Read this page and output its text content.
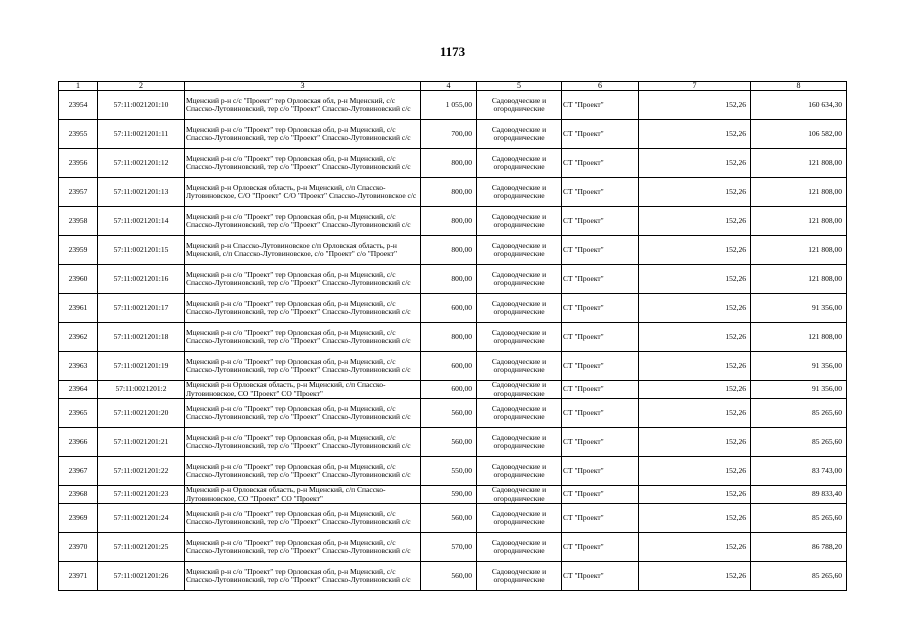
1173
1	2	3	4	5	6	7	8
23954	57:11:0021201:10	Мценский р-н с/с "Проект" тер Орловская обл, р-н Мценский, с/с Спасско-Лутовиновский, тер с/о "Проект" Спасско-Лутовиновский с/с	1 055,00	Садоводческие и огороднические	СТ "Проект"	152,26	160 634,30
23955	57:11:0021201:11	Мценский р-н с/о "Проект" тер Орловская обл, р-н Мценский, с/с Спасско-Лутовиновский, тер с/о "Проект" Спасско-Лутовиновский с/с	700,00	Садоводческие и огороднические	СТ "Проект"	152,26	106 582,00
23956	57:11:0021201:12	Мценский р-н с/о "Проект" тер Орловская обл, р-н Мценский, с/с Спасско-Лутовиновский, тер с/о "Проект" Спасско-Лутовиновский с/с	800,00	Садоводческие и огороднические	СТ "Проект"	152,26	121 808,00
23957	57:11:0021201:13	Мценский р-н Орловская область, р-н Мценский, с/п Спасско-Лутовиновское, С/О "Проект" С/О "Проект" Спасско-Лутовиновское с/с	800,00	Садоводческие и огороднические	СТ "Проект"	152,26	121 808,00
23958	57:11:0021201:14	Мценский р-н с/о "Проект" тер Орловская обл, р-н Мценский, с/с Спасско-Лутовиновский, тер с/о "Проект" Спасско-Лутовиновский с/с	800,00	Садоводческие и огороднические	СТ "Проект"	152,26	121 808,00
23959	57:11:0021201:15	Мценский р-н Спасско-Лутовиновское с/п Орловская область, р-н Мценский, с/п Спасско-Лутовиновское, с/о "Проект" с/о "Проект"	800,00	Садоводческие и огороднические	СТ "Проект"	152,26	121 808,00
23960	57:11:0021201:16	Мценский р-н с/о "Проект" тер Орловская обл, р-н Мценский, с/с Спасско-Лутовиновский, тер с/о "Проект" Спасско-Лутовиновский с/с	800,00	Садоводческие и огороднические	СТ "Проект"	152,26	121 808,00
23961	57:11:0021201:17	Мценский р-н с/о "Проект" тер Орловская обл, р-н Мценский, с/с Спасско-Лутовиновский, тер с/о "Проект" Спасско-Лутовиновский с/с	600,00	Садоводческие и огороднические	СТ "Проект"	152,26	91 356,00
23962	57:11:0021201:18	Мценский р-н с/о "Проект" тер Орловская обл, р-н Мценский, с/с Спасско-Лутовиновский, тер с/о "Проект" Спасско-Лутовиновский с/с	800,00	Садоводческие и огороднические	СТ "Проект"	152,26	121 808,00
23963	57:11:0021201:19	Мценский р-н с/о "Проект" тер Орловская обл, р-н Мценский, с/с Спасско-Лутовиновский, тер с/о "Проект" Спасско-Лутовиновский с/с	600,00	Садоводческие и огороднические	СТ "Проект"	152,26	91 356,00
23964	57:11:0021201:2	Мценский р-н Орловская область, р-н Мценский, с/п Спасско-Лутовиновское, СО "Проект" СО "Проект"	600,00	Садоводческие и огороднические	СТ "Проект"	152,26	91 356,00
23965	57:11:0021201:20	Мценский р-н с/о "Проект" тер Орловская обл, р-н Мценский, с/с Спасско-Лутовиновский, тер с/о "Проект" Спасско-Лутовиновский с/с	560,00	Садоводческие и огороднические	СТ "Проект"	152,26	85 265,60
23966	57:11:0021201:21	Мценский р-н с/о "Проект" тер Орловская обл, р-н Мценский, с/с Спасско-Лутовиновский, тер с/о "Проект" Спасско-Лутовиновский с/с	560,00	Садоводческие и огороднические	СТ "Проект"	152,26	85 265,60
23967	57:11:0021201:22	Мценский р-н с/о "Проект" тер Орловская обл, р-н Мценский, с/с Спасско-Лутовиновский, тер с/о "Проект" Спасско-Лутовиновский с/с	550,00	Садоводческие и огороднические	СТ "Проект"	152,26	83 743,00
23968	57:11:0021201:23	Мценский р-н Орловская область, р-н Мценский, с/п Спасско-Лутовиновское, СО "Проект" СО "Проект"	590,00	Садоводческие и огороднические	СТ "Проект"	152,26	89 833,40
23969	57:11:0021201:24	Мценский р-н с/о "Проект" тер Орловская обл, р-н Мценский, с/с Спасско-Лутовиновский, тер с/о "Проект" Спасско-Лутовиновский с/с	560,00	Садоводческие и огороднические	СТ "Проект"	152,26	85 265,60
23970	57:11:0021201:25	Мценский р-н с/о "Проект" тер Орловская обл, р-н Мценский, с/с Спасско-Лутовиновский, тер с/о "Проект" Спасско-Лутовиновский с/с	570,00	Садоводческие и огороднические	СТ "Проект"	152,26	86 788,20
23971	57:11:0021201:26	Мценский р-н с/о "Проект" тер Орловская обл, р-н Мценский, с/с Спасско-Лутовиновский, тер с/о "Проект" Спасско-Лутовиновский с/с	560,00	Садоводческие и огороднические	СТ "Проект"	152,26	85 265,60
